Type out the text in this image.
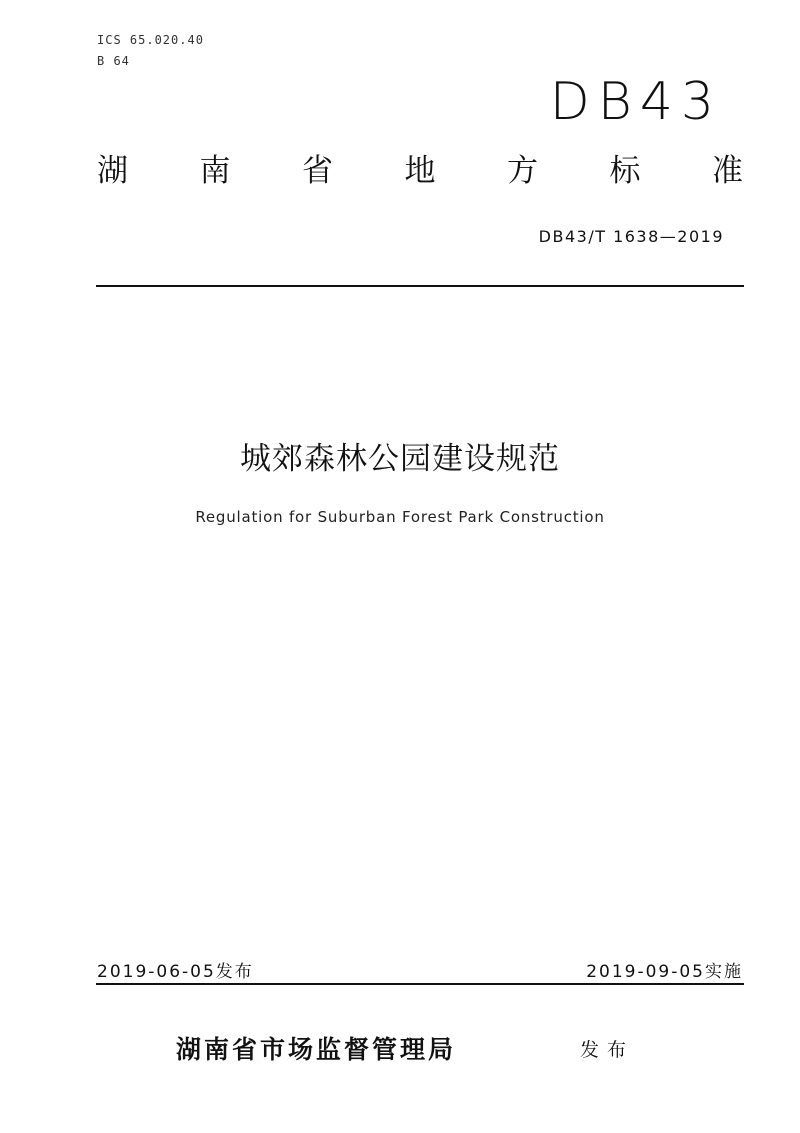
ICS 65.020.40
B 64
DB43
湖 南 省 地 方 标 准
DB43/T 1638—2019
城郊森林公园建设规范
Regulation for Suburban Forest Park Construction
2019-06-05发布	2019-09-05实施
湖南省市场监督管理局	发布
